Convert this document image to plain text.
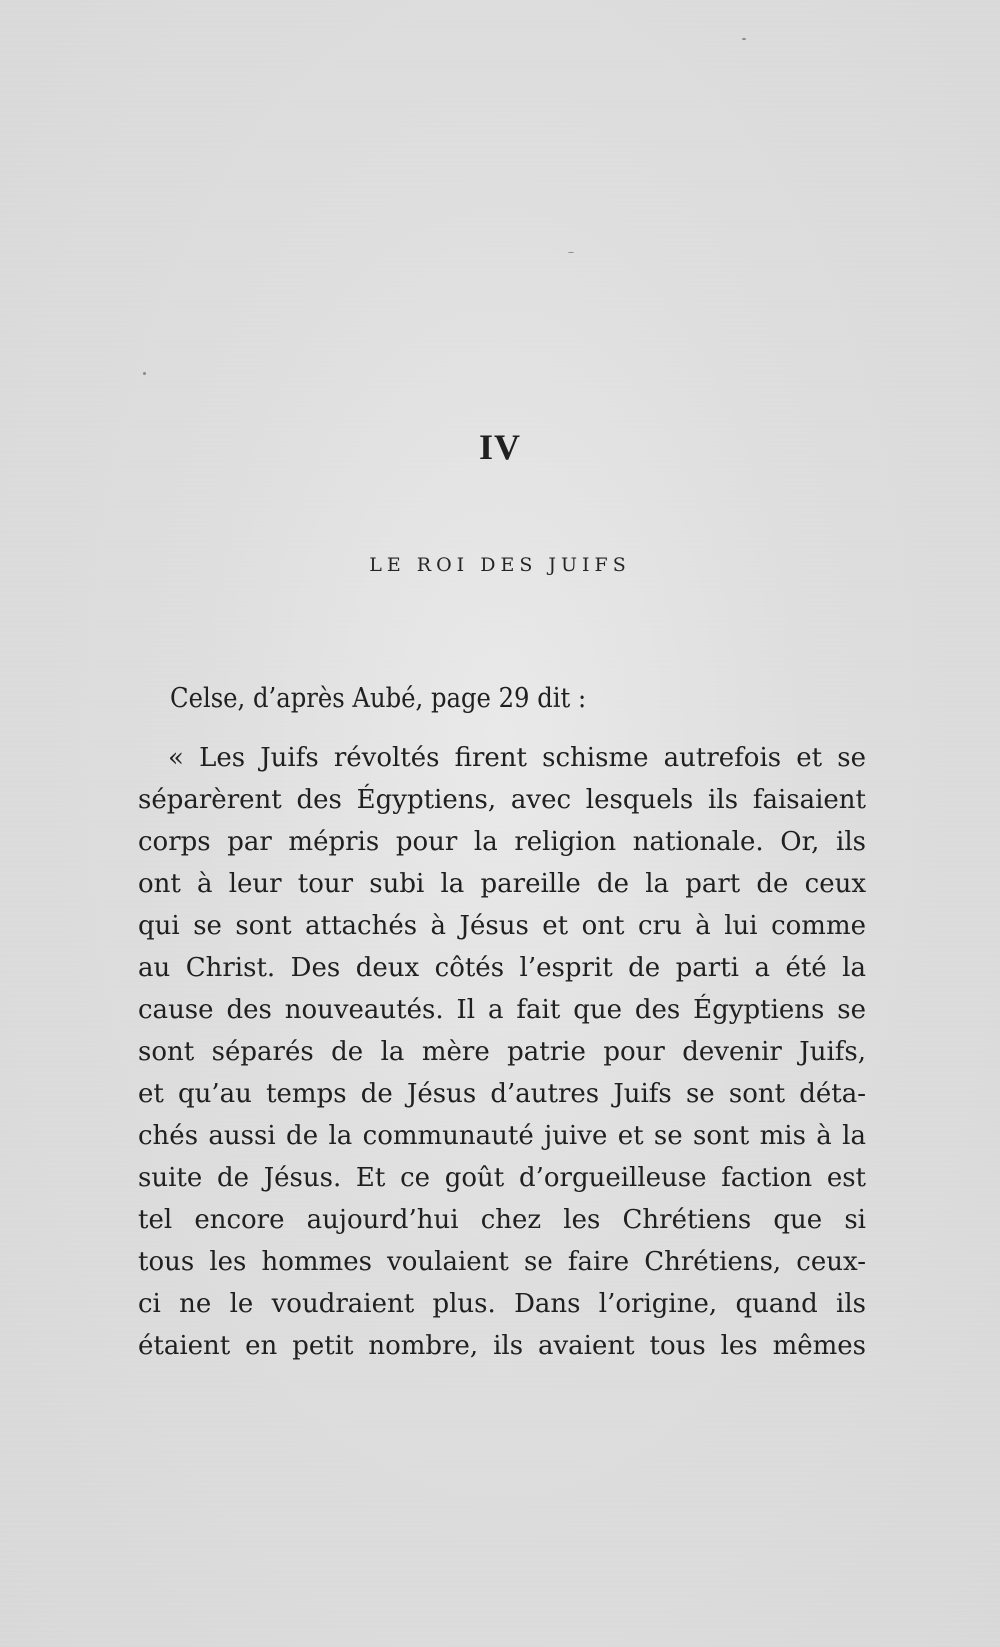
IV
LE ROI DES JUIFS
Celse, d’après Aubé, page 29 dit :
« Les Juifs révoltés firent schisme autrefois et se
séparèrent des Égyptiens, avec lesquels ils faisaient
corps par mépris pour la religion nationale. Or, ils
ont à leur tour subi la pareille de la part de ceux
qui se sont attachés à Jésus et ont cru à lui comme
au Christ. Des deux côtés l’esprit de parti a été la
cause des nouveautés. Il a fait que des Égyptiens se
sont séparés de la mère patrie pour devenir Juifs,
et qu’au temps de Jésus d’autres Juifs se sont déta-
chés aussi de la communauté juive et se sont mis à la
suite de Jésus. Et ce goût d’orgueilleuse faction est
tel encore aujourd’hui chez les Chrétiens que si
tous les hommes voulaient se faire Chrétiens, ceux-
ci ne le voudraient plus. Dans l’origine, quand ils
étaient en petit nombre, ils avaient tous les mêmes
